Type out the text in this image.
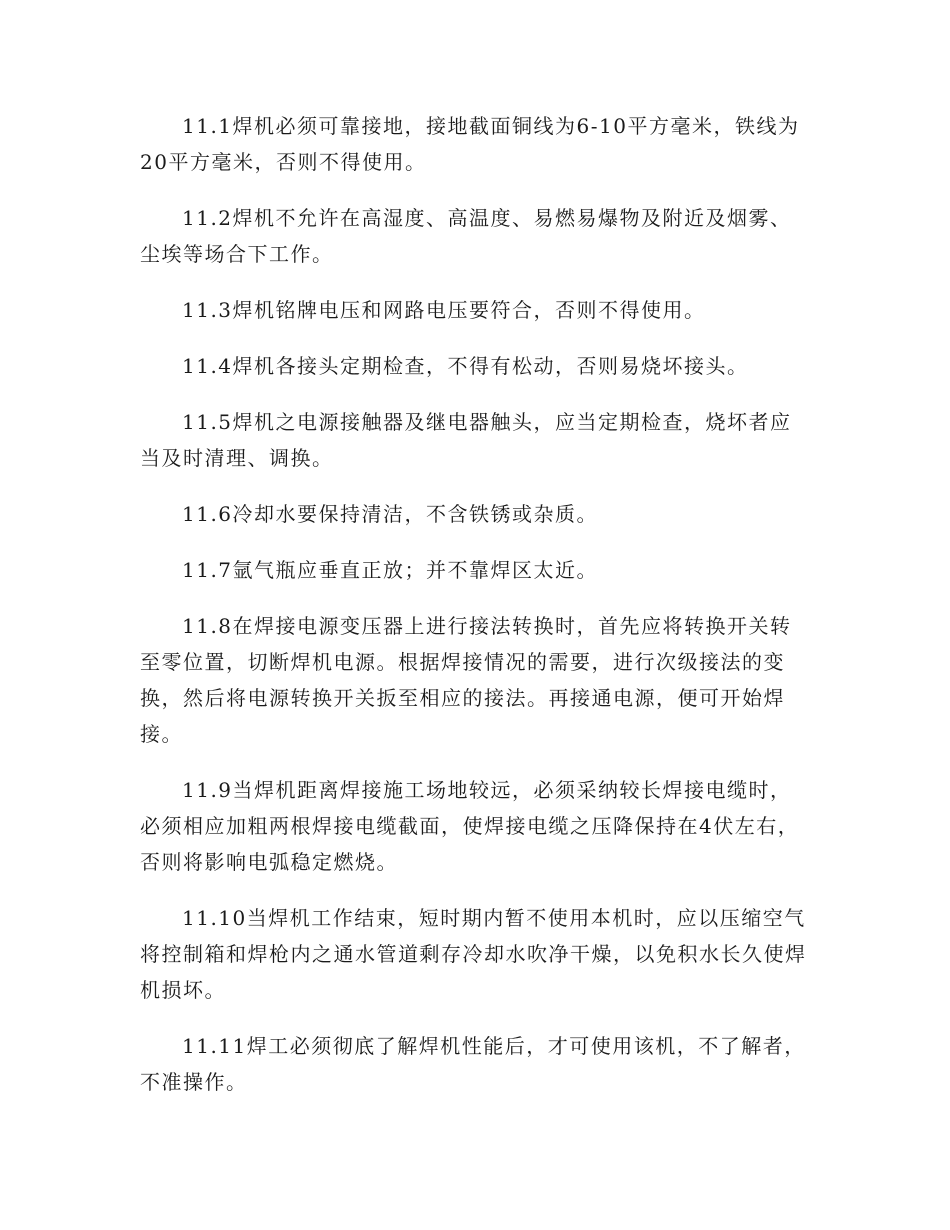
11.1焊机必须可靠接地，接地截面铜线为6-10平方毫米，铁线为20平方毫米，否则不得使用。

11.2焊机不允许在高湿度、高温度、易燃易爆物及附近及烟雾、尘埃等场合下工作。

11.3焊机铭牌电压和网路电压要符合，否则不得使用。

11.4焊机各接头定期检查，不得有松动，否则易烧坏接头。

11.5焊机之电源接触器及继电器触头，应当定期检查，烧坏者应当及时清理、调换。

11.6冷却水要保持清洁，不含铁锈或杂质。

11.7氩气瓶应垂直正放；并不靠焊区太近。

11.8在焊接电源变压器上进行接法转换时，首先应将转换开关转至零位置，切断焊机电源。根据焊接情况的需要，进行次级接法的变换，然后将电源转换开关扳至相应的接法。再接通电源，便可开始焊接。

11.9当焊机距离焊接施工场地较远，必须采纳较长焊接电缆时，必须相应加粗两根焊接电缆截面，使焊接电缆之压降保持在4伏左右，否则将影响电弧稳定燃烧。

11.10当焊机工作结束，短时期内暂不使用本机时，应以压缩空气将控制箱和焊枪内之通水管道剩存冷却水吹净干燥，以免积水长久使焊机损坏。

11.11焊工必须彻底了解焊机性能后，才可使用该机，不了解者，不准操作。
